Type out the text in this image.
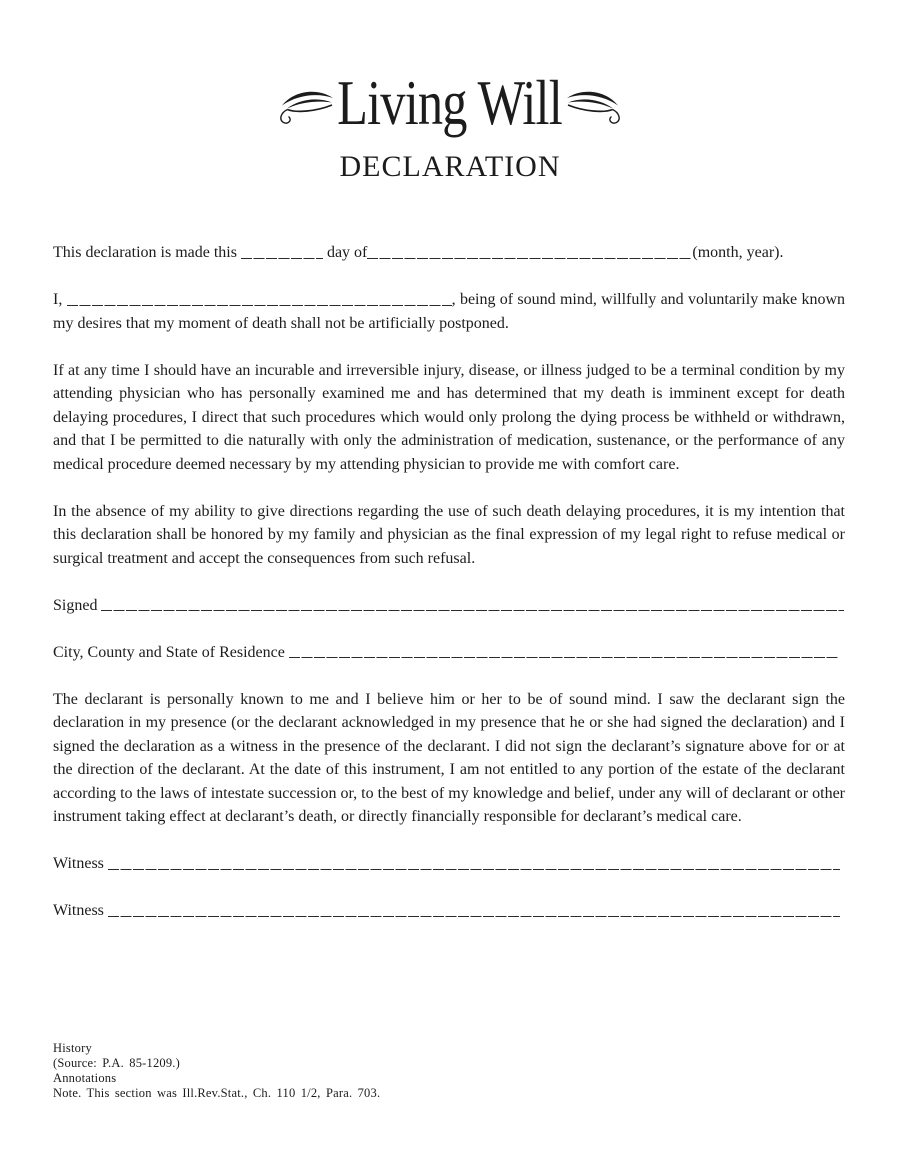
Living Will
DECLARATION

This declaration is made this	day of	(month, year).

I,	, being of sound mind, willfully and voluntarily make known my desires that my moment of death shall not be artificially postponed.

If at any time I should have an incurable and irreversible injury, disease, or illness judged to be a terminal condition by my attending physician who has personally examined me and has determined that my death is imminent except for death delaying procedures, I direct that such procedures which would only prolong the dying process be withheld or withdrawn, and that I be permitted to die naturally with only the administration of medication, sustenance, or the performance of any medical procedure deemed necessary by my attending physician to provide me with comfort care.

In the absence of my ability to give directions regarding the use of such death delaying procedures, it is my intention that this declaration shall be honored by my family and physician as the final expression of my legal right to refuse medical or surgical treatment and accept the consequences from such refusal.

Signed

City, County and State of Residence

The declarant is personally known to me and I believe him or her to be of sound mind. I saw the declarant sign the declaration in my presence (or the declarant acknowledged in my presence that he or she had signed the declaration) and I signed the declaration as a witness in the presence of the declarant. I did not sign the declarant’s signature above for or at the direction of the declarant. At the date of this instrument, I am not entitled to any portion of the estate of the declarant according to the laws of intestate succession or, to the best of my knowledge and belief, under any will of declarant or other instrument taking effect at declarant’s death, or directly financially responsible for declarant’s medical care.

Witness

Witness

History
(Source: P.A. 85-1209.)
Annotations
Note. This section was Ill.Rev.Stat., Ch. 110 1/2, Para. 703.
